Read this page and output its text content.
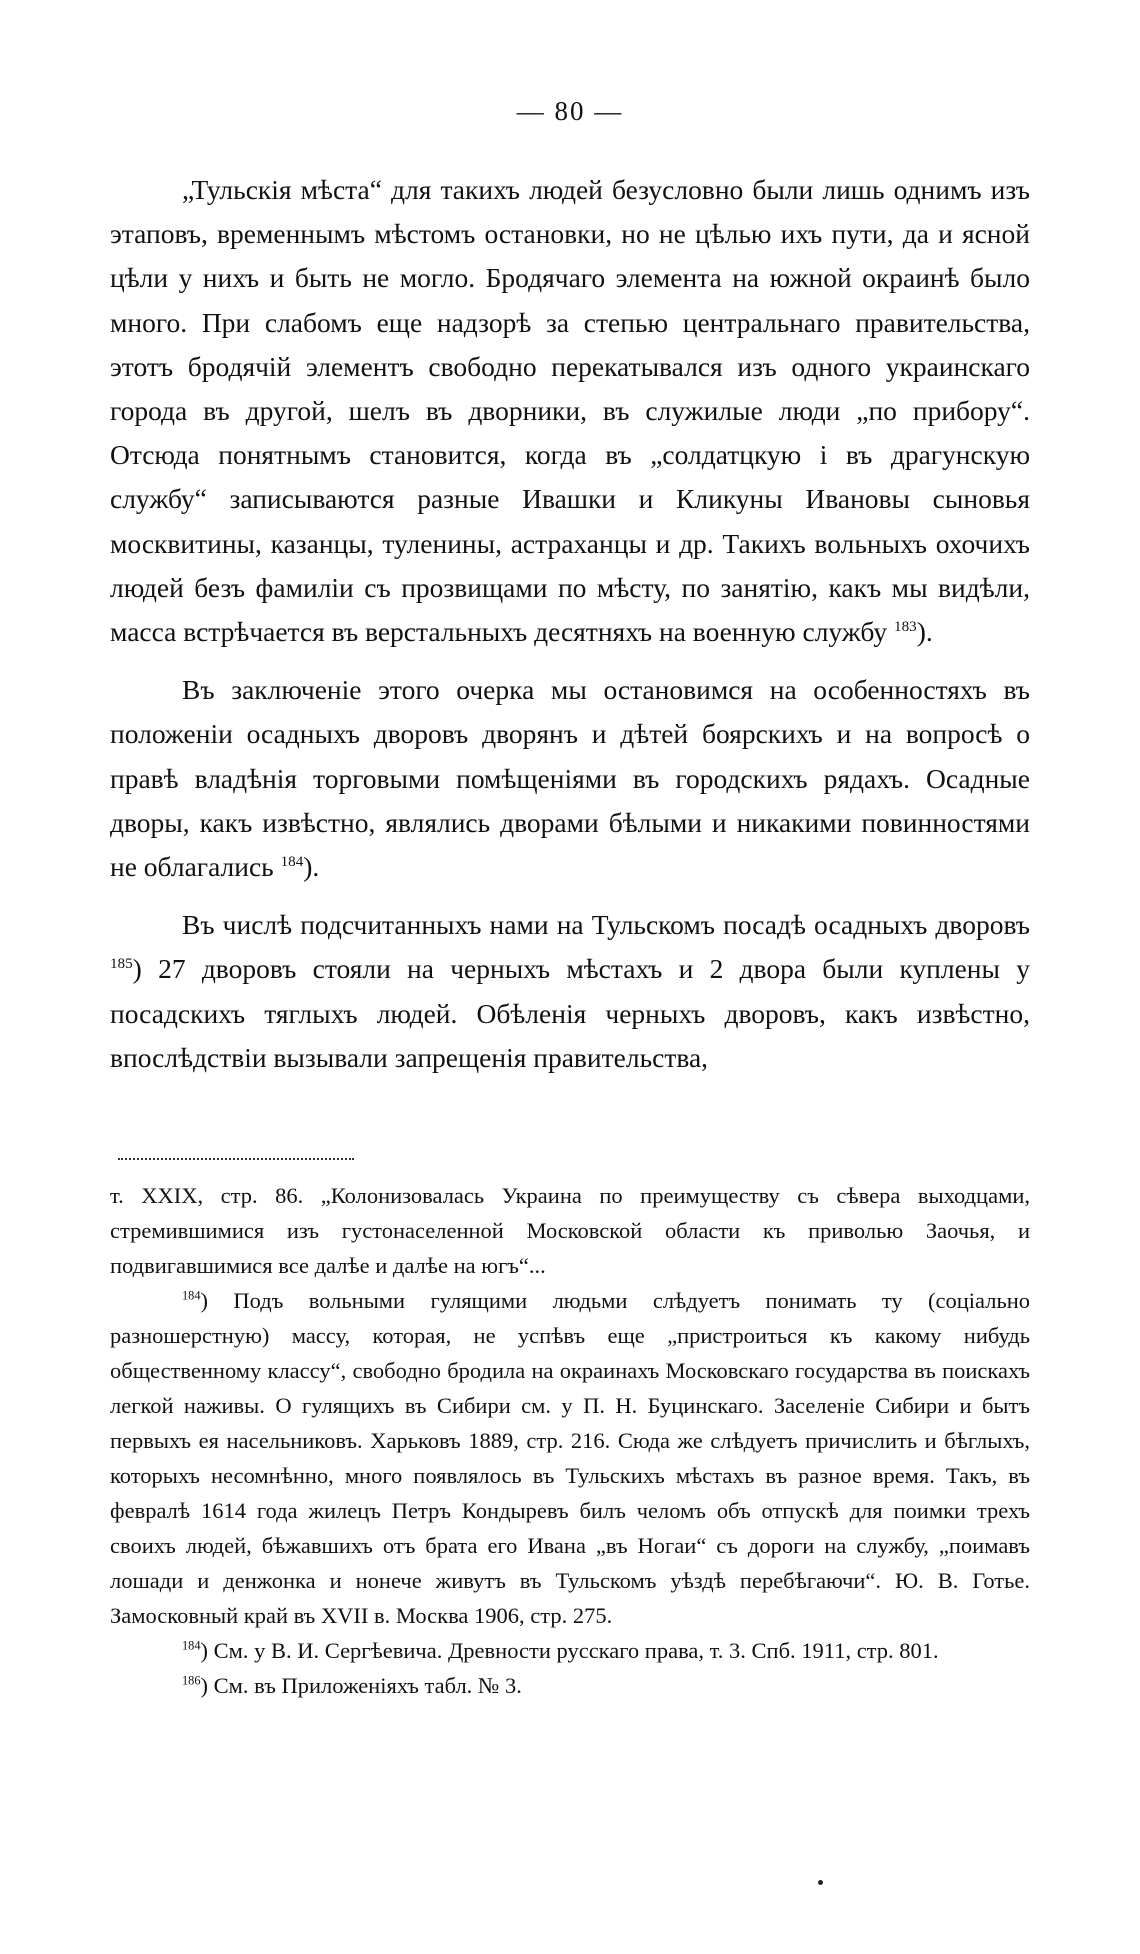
— 80 —

„Тульскія мѣста“ для такихъ людей безусловно были лишь однимъ изъ этаповъ, временнымъ мѣстомъ остановки, но не цѣлью ихъ пути, да и ясной цѣли у нихъ и быть не могло. Бродячаго элемента на южной окраинѣ было много. При слабомъ еще надзорѣ за степью центральнаго правительства, этотъ бродячій элементъ свободно перекатывался изъ одного украинскаго города въ другой, шелъ въ дворники, въ служилые люди „по прибору“. Отсюда понятнымъ становится, когда въ „солдатцкую і въ драгунскую службу“ записываются разные Ивашки и Кликуны Ивановы сыновья москвитины, казанцы, туленины, астраханцы и др. Такихъ вольныхъ охочихъ людей безъ фамиліи съ прозвищами по мѣсту, по занятію, какъ мы видѣли, масса встрѣчается въ верстальныхъ десятняхъ на военную службу $^{183}$).

Въ заключеніе этого очерка мы остановимся на особенностяхъ въ положеніи осадныхъ дворовъ дворянъ и дѣтей боярскихъ и на вопросѣ о правѣ владѣнія торговыми помѣщеніями въ городскихъ рядахъ. Осадные дворы, какъ извѣстно, являлись дворами бѣлыми и никакими повинностями не облагались $^{184}$).

Въ числѣ подсчитанныхъ нами на Тульскомъ посадѣ осадныхъ дворовъ $^{185}$) 27 дворовъ стояли на черныхъ мѣстахъ и 2 двора были куплены у посадскихъ тяглыхъ людей. Обѣленія черныхъ дворовъ, какъ извѣстно, впослѣдствіи вызывали запрещенія правительства,

т. XXIX, стр. 86. „Колонизовалась Украина по преимуществу съ сѣвера выходцами, стремившимися изъ густонаселенной Московской области къ приволью Заочья, и подвигавшимися все далѣе и далѣе на югъ“...

$^{184}$) Подъ вольными гулящими людьми слѣдуетъ понимать ту (соціально разношерстную) массу, которая, не успѣвъ еще „пристроиться къ какому нибудь общественному классу“, свободно бродила на окраинахъ Московскаго государства въ поискахъ легкой наживы. О гулящихъ въ Сибири см. у П. Н. Буцинскаго. Заселеніе Сибири и бытъ первыхъ ея насельниковъ. Харьковъ 1889, стр. 216. Сюда же слѣдуетъ причислить и бѣглыхъ, которыхъ несомнѣнно, много появлялось въ Тульскихъ мѣстахъ въ разное время. Такъ, въ февралѣ 1614 года жилецъ Петръ Кондыревъ билъ челомъ объ отпускѣ для поимки трехъ своихъ людей, бѣжавшихъ отъ брата его Ивана „въ Ногаи“ съ дороги на службу, „поимавъ лошади и денжонка и нонече живутъ въ Тульскомъ уѣздѣ перебѣгаючи“. Ю. В. Готье. Замосковный край въ XVII в. Москва 1906, стр. 275.

$^{184}$) См. у В. И. Сергѣевича. Древности русскаго права, т. 3. Спб. 1911, стр. 801.

$^{186}$) См. въ Приложеніяхъ табл. № 3.
